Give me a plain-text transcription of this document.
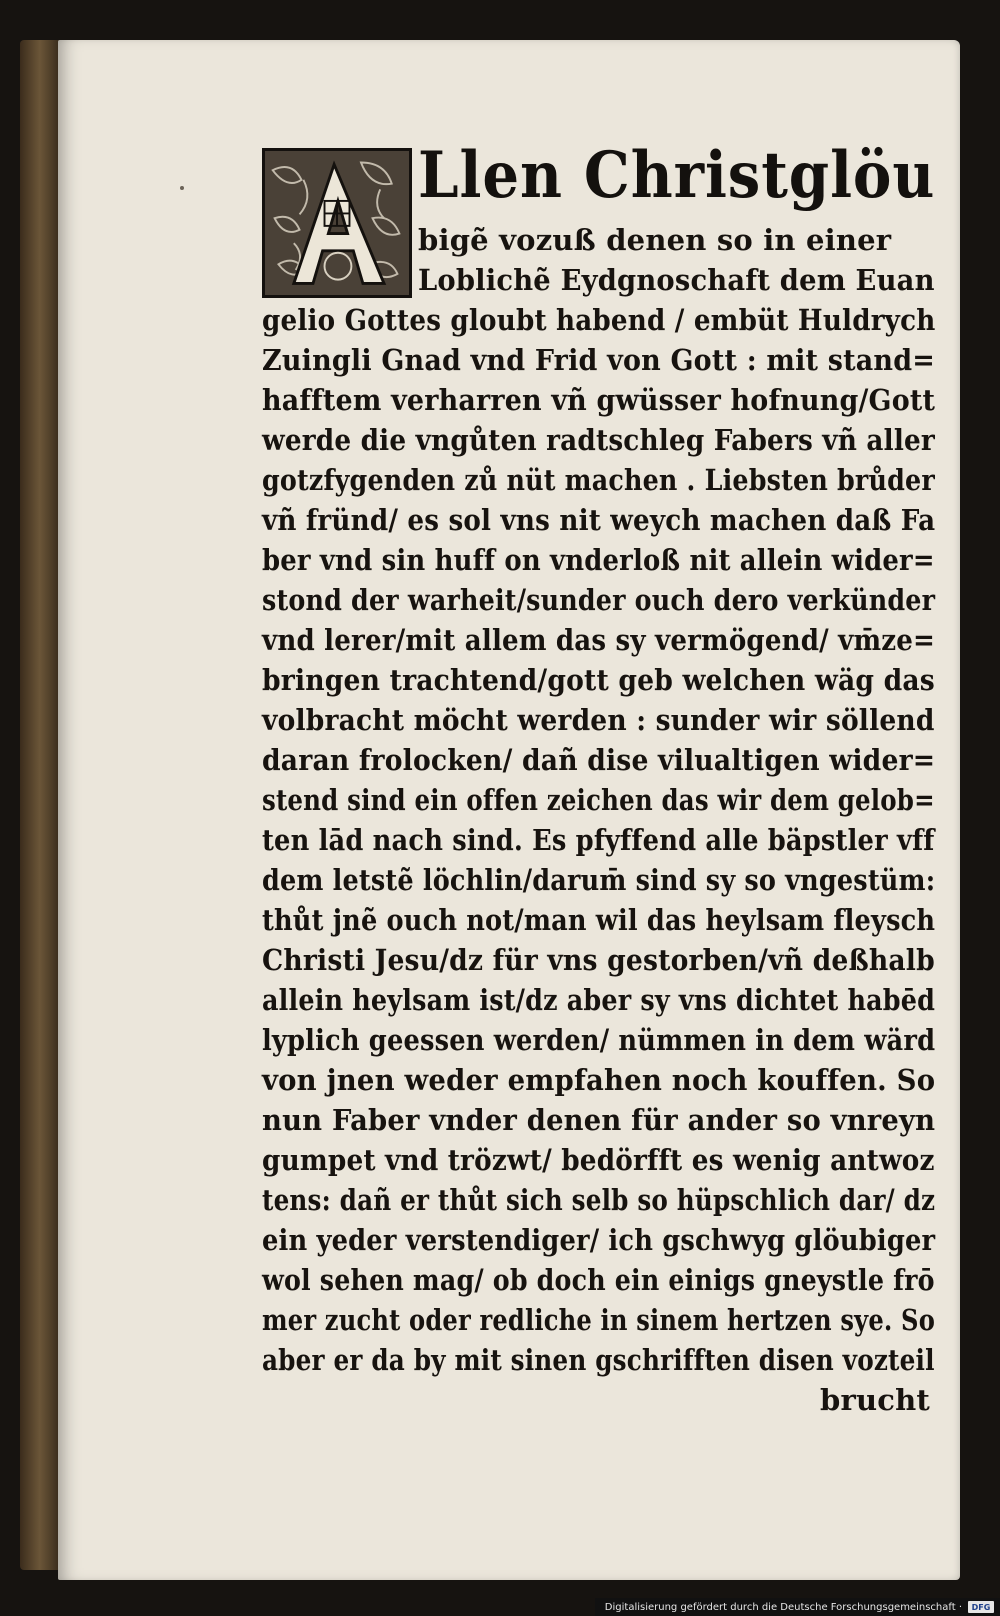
Llen Christglöu
bigẽ vozuß denen so in einer
Loblichẽ Eydgnoschaft dem Euan
gelio Gottes gloubt habend / embüt Huldrych
Zuingli Gnad vnd Frid von Gott : mit stand=
hafftem verharren vñ gwüsser hofnung/Gott
werde die vngůten radtschleg Fabers vñ aller
gotzfygenden zů nüt machen . Liebsten brůder
vñ fründ/ es sol vns nit weych machen daß Fa
ber vnd sin huff on vnderloß nit allein wider=
stond der warheit/sunder ouch dero verkünder
vnd lerer/mit allem das sy vermögend/ vm̄ze=
bringen trachtend/gott geb welchen wäg das
volbracht möcht werden : sunder wir söllend
daran frolocken/ dañ dise vilualtigen wider=
stend sind ein offen zeichen das wir dem gelob=
ten lād nach sind. Es pfyffend alle bäpstler vff
dem letstẽ löchlin/darum̄ sind sy so vngestüm:
thůt jnẽ ouch not/man wil das heylsam fleysch
Christi Jesu/dz für vns gestorben/vñ deßhalb
allein heylsam ist/dz aber sy vns dichtet habēd
lyplich geessen werden/ nümmen in dem wärd
von jnen weder empfahen noch kouffen. So
nun Faber vnder denen für ander so vnreyn
gumpet vnd trözwt/ bedörfft es wenig antwoz
tens: dañ er thůt sich selb so hüpschlich dar/ dz
ein yeder verstendiger/ ich gschwyg glöubiger
wol sehen mag/ ob doch ein einigs gneystle frō
mer zucht oder redliche in sinem hertzen sye. So
aber er da by mit sinen gschrifften disen vozteil
brucht
Digitalisierung gefördert durch die Deutsche Forschungsgemeinschaft ·	DFG
